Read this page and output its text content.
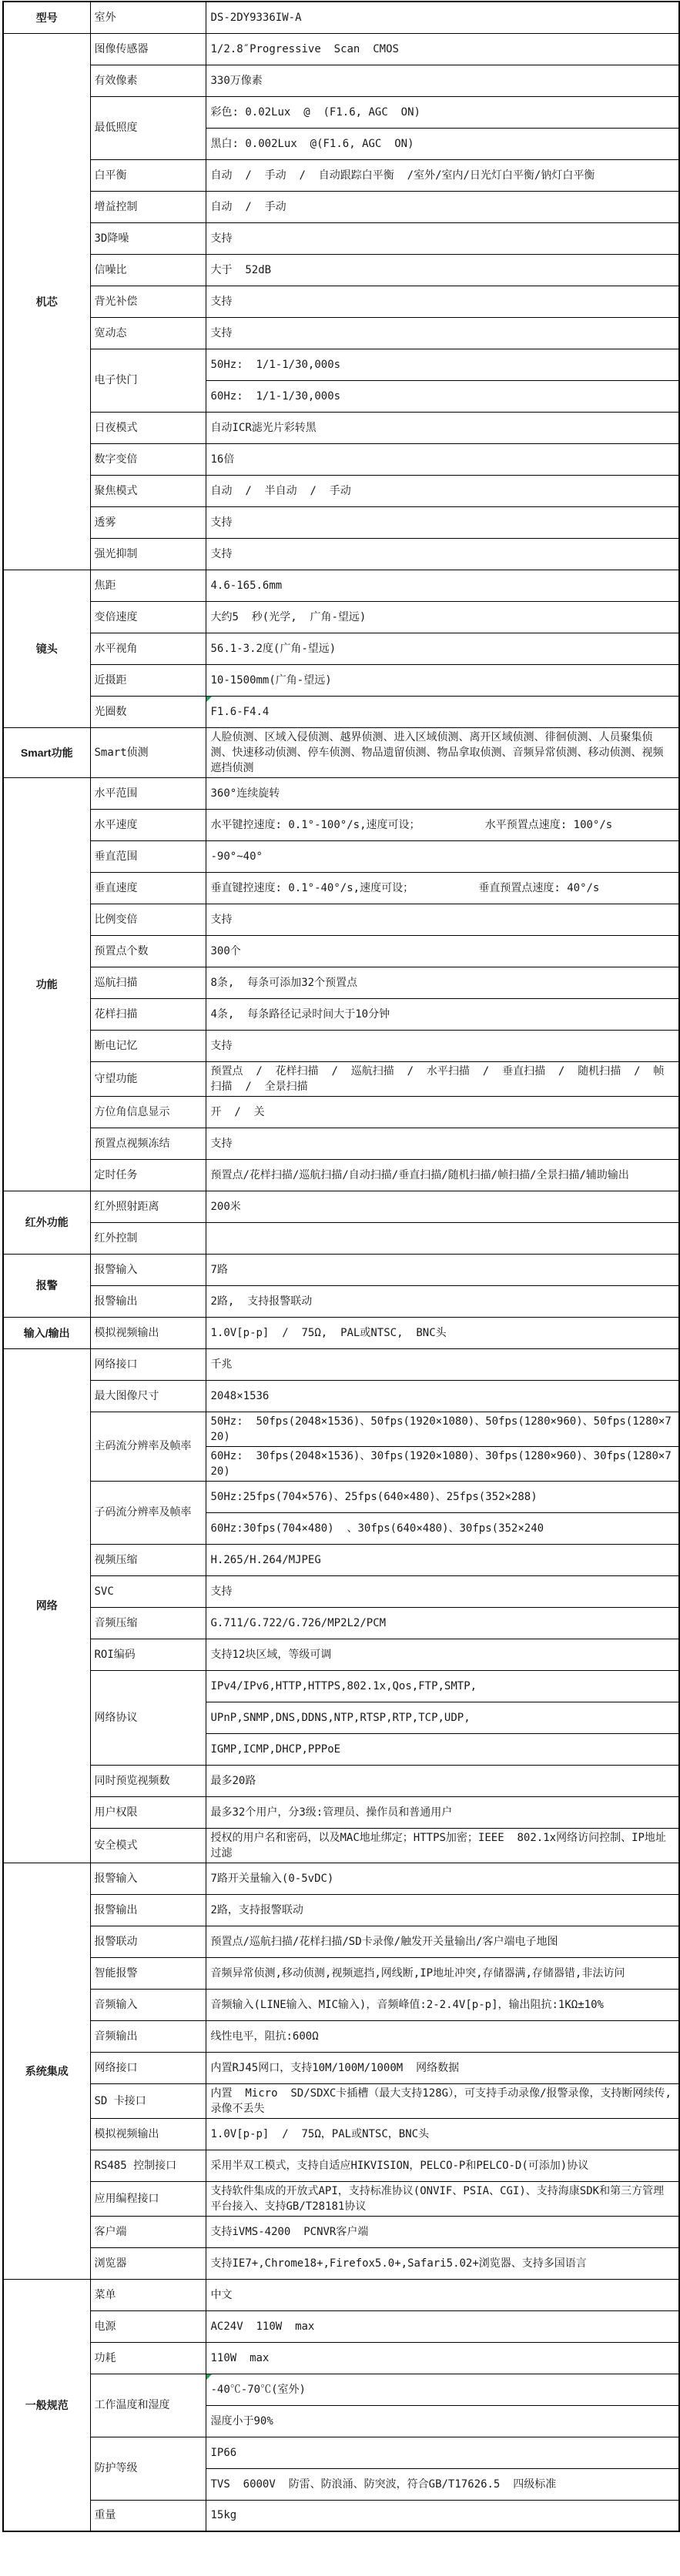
型号	室外	DS-2DY9336IW-A
机芯	图像传感器	1/2.8″Progressive  Scan  CMOS
	有效像素	330万像素
	最低照度	彩色: 0.02Lux  @  (F1.6, AGC  ON)
		黑白: 0.002Lux  @(F1.6, AGC  ON)
	白平衡	自动  /  手动  /  自动跟踪白平衡  /室外/室内/日光灯白平衡/钠灯白平衡
	增益控制	自动  /  手动
	3D降噪	支持
	信噪比	大于  52dB
	背光补偿	支持
	宽动态	支持
	电子快门	50Hz:  1/1-1/30,000s
		60Hz:  1/1-1/30,000s
	日夜模式	自动ICR滤光片彩转黑
	数字变倍	16倍
	聚焦模式	自动  /  半自动  /  手动
	透雾	支持
	强光抑制	支持
镜头	焦距	4.6-165.6mm
	变倍速度	大约5  秒(光学,  广角-望远)
	水平视角	56.1-3.2度(广角-望远)
	近摄距	10-1500mm(广角-望远)
	光圈数	F1.6-F4.4

Smart功能	Smart侦测	人脸侦测、区域入侵侦测、越界侦测、进入区域侦测、离开区域侦测、徘徊侦测、人员聚集侦测、快速移动侦测、停车侦测、物品遗留侦测、物品拿取侦测、音频异常侦测、移动侦测、视频遮挡侦测
功能	水平范围	360°连续旋转
	水平速度	水平键控速度: 0.1°-100°/s,速度可设；          水平预置点速度: 100°/s
	垂直范围	-90°~40°
	垂直速度	垂直键控速度: 0.1°-40°/s,速度可设；          垂直预置点速度: 40°/s
	比例变倍	支持
	预置点个数	300个
	巡航扫描	8条,  每条可添加32个预置点
	花样扫描	4条,  每条路径记录时间大于10分钟
	断电记忆	支持
	守望功能	预置点  /  花样扫描  /  巡航扫描  /  水平扫描  /  垂直扫描  /  随机扫描  /  帧扫描  /  全景扫描
	方位角信息显示	开  /  关
	预置点视频冻结	支持
	定时任务	预置点/花样扫描/巡航扫描/自动扫描/垂直扫描/随机扫描/帧扫描/全景扫描/辅助输出
红外功能	红外照射距离	200米
	红外控制	
报警	报警输入	7路
	报警输出	2路,  支持报警联动
输入/输出	模拟视频输出	1.0V[p-p]  /  75Ω,  PAL或NTSC,  BNC头
网络	网络接口	千兆
	最大图像尺寸	2048×1536
	主码流分辨率及帧率	50Hz:  50fps(2048×1536)、50fps(1920×1080)、50fps(1280×960)、50fps(1280×720)
		60Hz:  30fps(2048×1536)、30fps(1920×1080)、30fps(1280×960)、30fps(1280×720)
	子码流分辨率及帧率	50Hz:25fps(704×576)、25fps(640×480)、25fps(352×288)
		60Hz:30fps(704×480)  、30fps(640×480)、30fps(352×240
	视频压缩	H.265/H.264/MJPEG
	SVC	支持
	音频压缩	G.711/G.722/G.726/MP2L2/PCM
	ROI编码	支持12块区域，等级可调
	网络协议	IPv4/IPv6,HTTP,HTTPS,802.1x,Qos,FTP,SMTP,
		UPnP,SNMP,DNS,DDNS,NTP,RTSP,RTP,TCP,UDP,
		IGMP,ICMP,DHCP,PPPoE
	同时预览视频数	最多20路
	用户权限	最多32个用户，分3级:管理员、操作员和普通用户
	安全模式	授权的用户名和密码，以及MAC地址绑定；HTTPS加密；IEEE  802.1x网络访问控制、IP地址过滤
系统集成	报警输入	7路开关量输入(0-5vDC)
	报警输出	2路，支持报警联动
	报警联动	预置点/巡航扫描/花样扫描/SD卡录像/触发开关量输出/客户端电子地图
	智能报警	音频异常侦测,移动侦测,视频遮挡,网线断,IP地址冲突,存储器满,存储器错,非法访问
	音频输入	音频输入(LINE输入、MIC输入)，音频峰值:2-2.4V[p-p]，输出阻抗:1KΩ±10%
	音频输出	线性电平，阻抗:600Ω
	网络接口	内置RJ45网口，支持10M/100M/1000M  网络数据
	SD 卡接口	内置  Micro  SD/SDXC卡插槽（最大支持128G），可支持手动录像/报警录像，支持断网续传,录像不丢失
	模拟视频输出	1.0V[p-p]  /  75Ω，PAL或NTSC，BNC头
	RS485 控制接口	采用半双工模式，支持自适应HIKVISION，PELCO-P和PELCO-D(可添加)协议
	应用编程接口	支持软件集成的开放式API，支持标准协议(ONVIF、PSIA、CGI)、支持海康SDK和第三方管理平台接入、支持GB/T28181协议
	客户端	支持iVMS-4200  PCNVR客户端
	浏览器	支持IE7+,Chrome18+,Firefox5.0+,Safari5.02+浏览器、支持多国语言
一般规范	菜单	中文
	电源	AC24V  110W  max
	功耗	110W  max
	工作温度和湿度	-40℃-70℃(室外)

		湿度小于90%
	防护等级	IP66
		TVS  6000V  防雷、防浪涌、防突波，符合GB/T17626.5  四级标准
	重量	15kg
